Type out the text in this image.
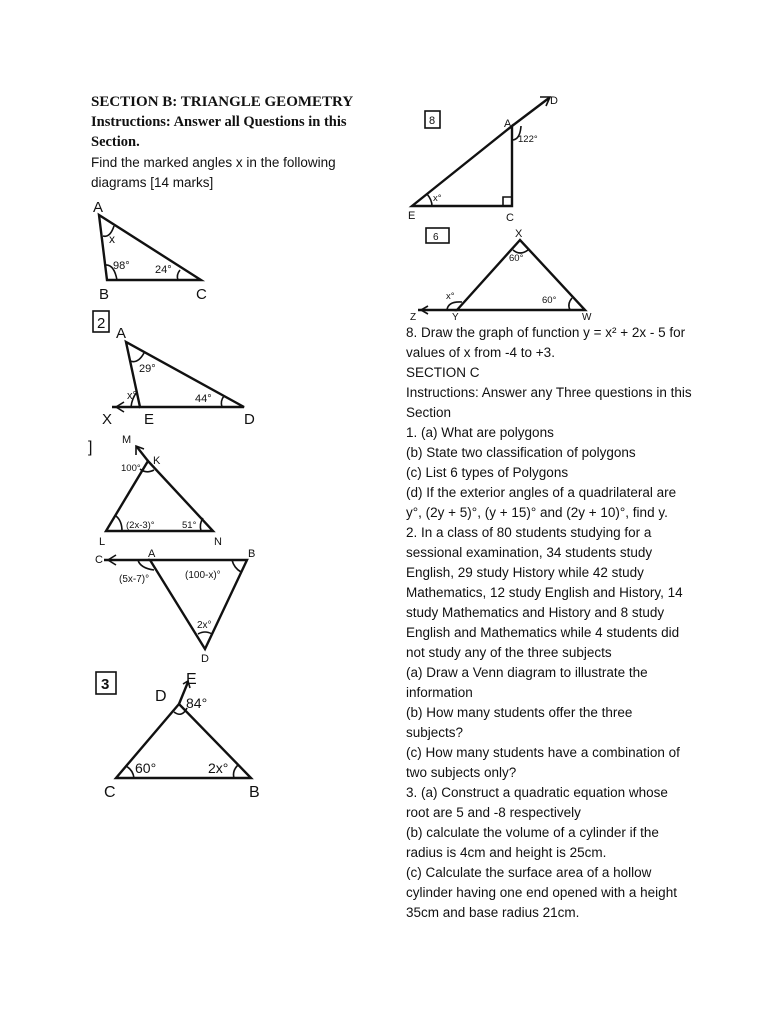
SECTION B: TRIANGLE GEOMETRY
Instructions: Answer all Questions in this
Section.
Find the marked angles x in the following
diagrams [14 marks]
8. Draw the graph of function y = x² + 2x - 5 for
values of x from -4 to +3.
SECTION C
Instructions: Answer any Three questions in this
Section
1. (a) What are polygons
(b) State two classification of polygons
(c) List 6 types of Polygons
(d) If the exterior angles of a quadrilateral are
y°, (2y + 5)°, (y + 15)° and (2y + 10)°, find y.
2. In a class of 80 students studying for a
sessional examination, 34 students study
English, 29 study History while 42 study
Mathematics, 12 study English and History, 14
study Mathematics and History and 8 study
English and Mathematics while 4 students did
not study any of the three subjects
(a) Draw a Venn diagram to illustrate the
information
(b) How many students offer the three
subjects?
(c) How many students have a combination of
two subjects only?
3. (a) Construct a quadratic equation whose
root are 5 and -8 respectively
(b) calculate the volume of a cylinder if the
radius is 4cm and height is 25cm.
(c) Calculate the surface area of a hollow
cylinder having one end opened with a height
35cm and base radius 21cm.
A
B	C
x
98° 24°
2
A
X E	D
29°
x°	44°
]	M
K
L	N
100°
(2x-3)°	51°
C	A	B
D
(5x-7)°	(100-x)°
2x°
3	E
D
C	B
84°
60°	2x°
8	A
D
E	C
122°
x°
6	X
Z	Y	W
60°
60°
x°
